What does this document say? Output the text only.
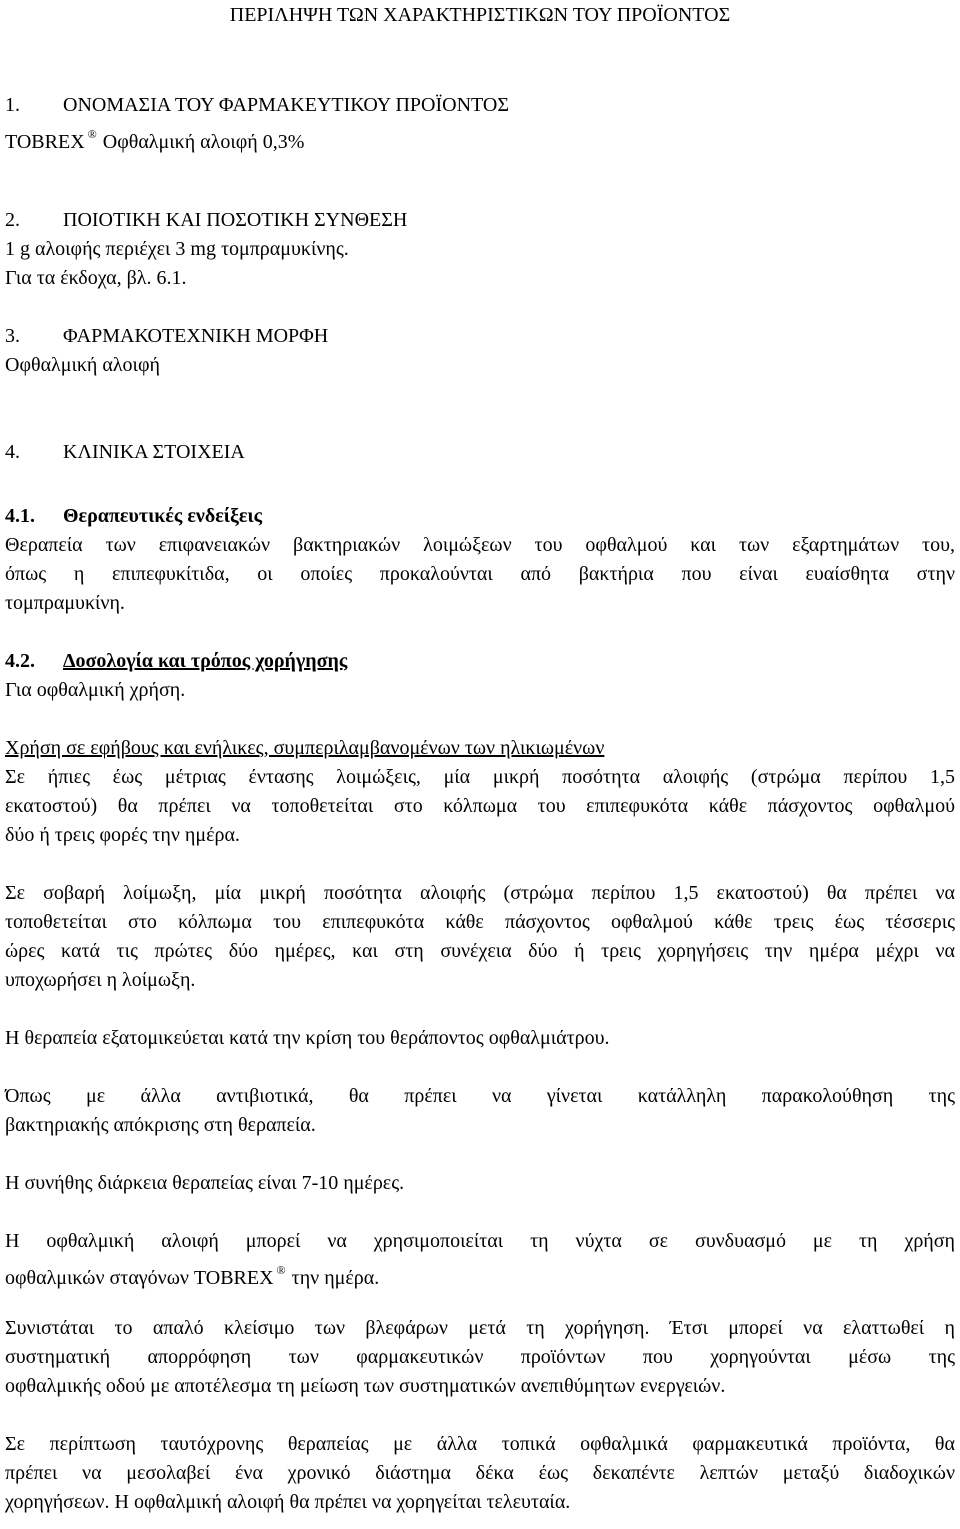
ΠΕΡΙΛΗΨΗ ΤΩΝ ΧΑΡΑΚΤΗΡΙΣΤΙΚΩΝ ΤΟΥ ΠΡΟΪΟΝΤΟΣ
1. ΟΝΟΜΑΣΙΑ ΤΟΥ ΦΑΡΜΑΚΕΥΤΙΚΟΥ ΠΡΟΪΟΝΤΟΣ
TOBREX ® Οφθαλμική αλοιφή 0,3%
2. ΠΟΙΟΤΙΚΗ ΚΑΙ ΠΟΣΟΤΙΚΗ ΣΥΝΘΕΣΗ
1 g αλοιφής περιέχει 3 mg τομπραμυκίνης.
Για τα έκδοχα, βλ. 6.1.
3. ΦΑΡΜΑΚΟΤΕΧΝΙΚΗ ΜΟΡΦΗ
Οφθαλμική αλοιφή
4. ΚΛΙΝΙΚΑ ΣΤΟΙΧΕΙΑ
4.1. Θεραπευτικές ενδείξεις
Θεραπεία των επιφανειακών βακτηριακών λοιμώξεων του οφθαλμού και των εξαρτημάτων του,
όπως η επιπεφυκίτιδα, οι οποίες προκαλούνται από βακτήρια που είναι ευαίσθητα στην
τομπραμυκίνη.
4.2. Δοσολογία και τρόπος χορήγησης
Για οφθαλμική χρήση.
Χρήση σε εφήβους και ενήλικες, συμπεριλαμβανομένων των ηλικιωμένων
Σε ήπιες έως μέτριας έντασης λοιμώξεις, μία μικρή ποσότητα αλοιφής (στρώμα περίπου 1,5
εκατοστού) θα πρέπει να τοποθετείται στο κόλπωμα του επιπεφυκότα κάθε πάσχοντος οφθαλμού
δύο ή τρεις φορές την ημέρα.
Σε σοβαρή λοίμωξη, μία μικρή ποσότητα αλοιφής (στρώμα περίπου 1,5 εκατοστού) θα πρέπει να
τοποθετείται στο κόλπωμα του επιπεφυκότα κάθε πάσχοντος οφθαλμού κάθε τρεις έως τέσσερις
ώρες κατά τις πρώτες δύο ημέρες, και στη συνέχεια δύο ή τρεις χορηγήσεις την ημέρα μέχρι να
υποχωρήσει η λοίμωξη.
Η θεραπεία εξατομικεύεται κατά την κρίση του θεράποντος οφθαλμιάτρου.
Όπως με άλλα αντιβιοτικά, θα πρέπει να γίνεται κατάλληλη παρακολούθηση της
βακτηριακής απόκρισης στη θεραπεία.
Η συνήθης διάρκεια θεραπείας είναι 7-10 ημέρες.
Η οφθαλμική αλοιφή μπορεί να χρησιμοποιείται τη νύχτα σε συνδυασμό με τη χρήση
οφθαλμικών σταγόνων TOBREX ® την ημέρα.
Συνιστάται το απαλό κλείσιμο των βλεφάρων μετά τη χορήγηση. Έτσι μπορεί να ελαττωθεί η
συστηματική απορρόφηση των φαρμακευτικών προϊόντων που χορηγούνται μέσω της
οφθαλμικής οδού με αποτέλεσμα τη μείωση των συστηματικών ανεπιθύμητων ενεργειών.
Σε περίπτωση ταυτόχρονης θεραπείας με άλλα τοπικά οφθαλμικά φαρμακευτικά προϊόντα, θα
πρέπει να μεσολαβεί ένα χρονικό διάστημα δέκα έως δεκαπέντε λεπτών μεταξύ διαδοχικών
χορηγήσεων. Η οφθαλμική αλοιφή θα πρέπει να χορηγείται τελευταία.
